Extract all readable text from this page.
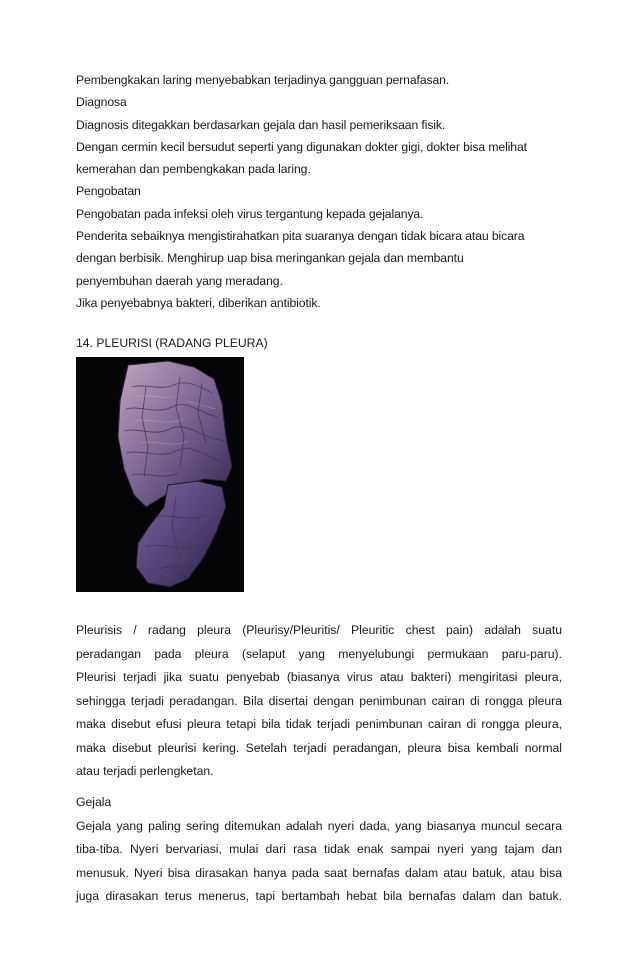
Pembengkakan laring menyebabkan terjadinya gangguan pernafasan.
Diagnosa
Diagnosis ditegakkan berdasarkan gejala dan hasil pemeriksaan fisik.
Dengan cermin kecil bersudut seperti yang digunakan dokter gigi, dokter bisa melihat
kemerahan dan pembengkakan pada laring.
Pengobatan
Pengobatan pada infeksi oleh virus tergantung kepada gejalanya.
Penderita sebaiknya mengistirahatkan pita suaranya dengan tidak bicara atau bicara
dengan berbisik. Menghirup uap bisa meringankan gejala dan membantu
penyembuhan daerah yang meradang.
Jika penyebabnya bakteri, diberikan antibiotik.
14. PLEURISI (RADANG PLEURA)
Pleurisis / radang pleura (Pleurisy/Pleuritis/ Pleuritic chest pain) adalah suatu
peradangan pada pleura (selaput yang menyelubungi permukaan paru-paru).
Pleurisi terjadi jika suatu penyebab (biasanya virus atau bakteri) mengiritasi pleura,
sehingga terjadi peradangan. Bila disertai dengan penimbunan cairan di rongga pleura
maka disebut efusi pleura tetapi bila tidak terjadi penimbunan cairan di rongga pleura,
maka disebut pleurisi kering. Setelah terjadi peradangan, pleura bisa kembali normal
atau terjadi perlengketan.
Gejala
Gejala yang paling sering ditemukan adalah nyeri dada, yang biasanya muncul secara
tiba-tiba. Nyeri bervariasi, mulai dari rasa tidak enak sampai nyeri yang tajam dan
menusuk. Nyeri bisa dirasakan hanya pada saat bernafas dalam atau batuk, atau bisa
juga dirasakan terus menerus, tapi bertambah hebat bila bernafas dalam dan batuk.
